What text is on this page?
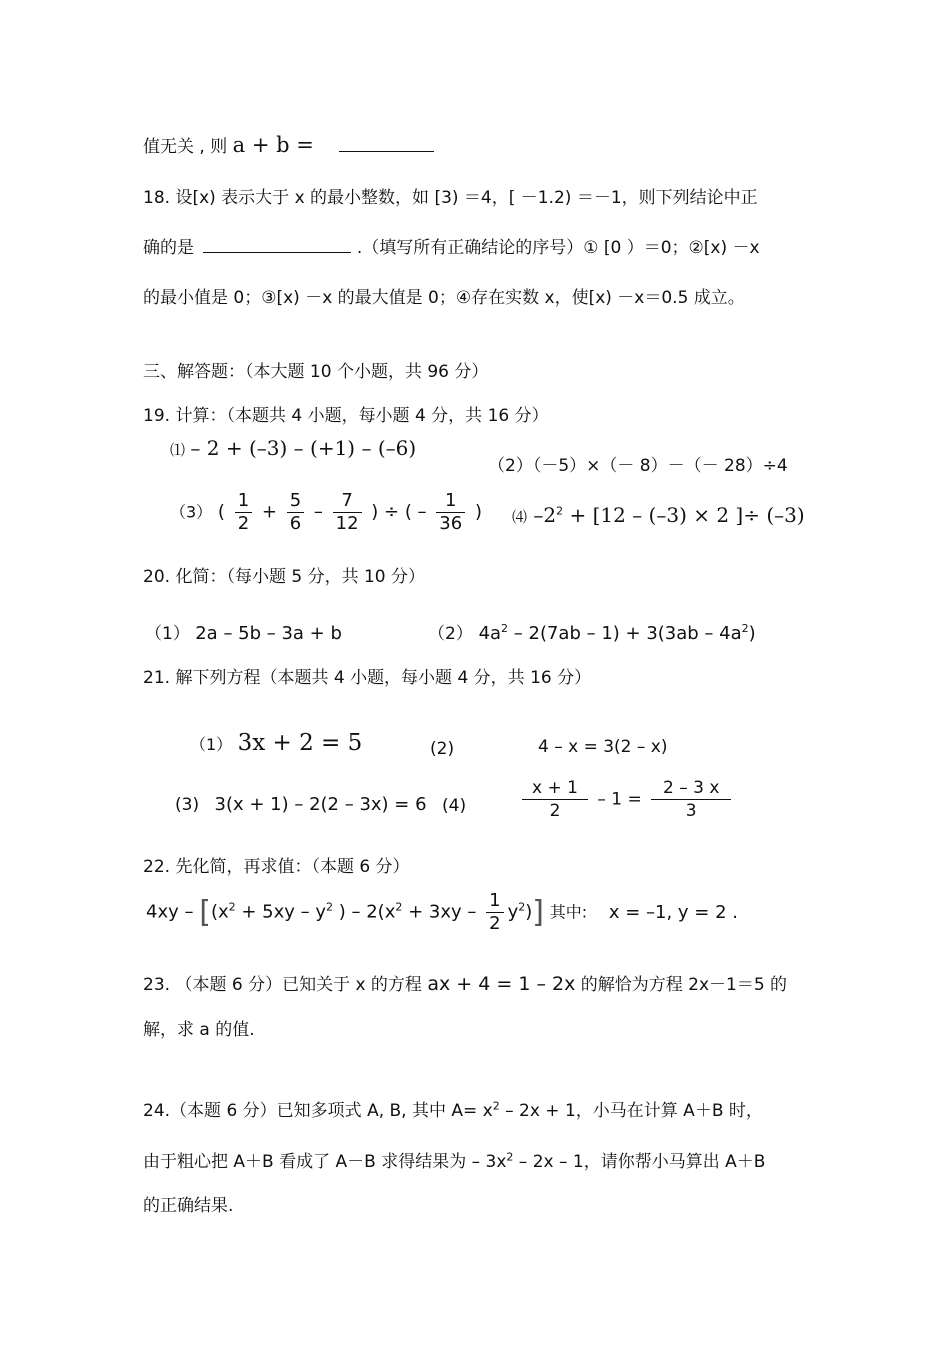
值无关 , 则 a + b =
18. 设[x) 表示大于 x 的最小整数，如 [3) ＝4，[ －1.2) ＝－1，则下列结论中正
确的是	.（填写所有正确结论的序号）① [0 ）＝0；②[x) －x
的最小值是 0；③[x) －x 的最大值是 0；④存在实数 x，使[x) －x＝0.5 成立。
三、解答题：（本大题 10 个小题，共 96 分）
19. 计算：（本题共 4 小题，每小题 4 分，共 16 分）
⑴ – 2 + (–3) – (+1) – (–6)
（2）（－5）×（－ 8）－（－ 28）÷4
（3） ( $\frac{1}{2} + \frac{5}{6} - \frac{7}{12}$ ) ÷ ( – $\frac{1}{36}$ ) ⑷ $-2^2 + [12 - (-3) \times 2$ ]÷ (–3)
20. 化简：（每小题 5 分，共 10 分）
（1） 2a – 5b – 3a + b	（2） $4a^2 - 2(7ab - 1) + 3(3ab - 4a^2)$
21. 解下列方程（本题共 4 小题，每小题 4 分，共 16 分）
（1） 3x + 2 = 5	(2)	4 – x = 3(2 – x)
(3) 3(x + 1) – 2(2 – 3x) = 6 (4)	$\frac{x + 1}{2} - 1 = \frac{2 - 3 x}{3}$
22. 先化简，再求值：（本题 6 分）
$4xy - [(x^2 + 5xy - y^2$ ) – $2(x^2 + 3xy - \frac{1}{2} y^2)$] 其中: x = –1, y = 2 .
23. （本题 6 分）已知关于 x 的方程 ax + 4 = 1 – 2x 的解恰为方程 2x－1＝5 的
解，求 a 的值.
24.（本题 6 分）已知多项式 A, B, 其中 $A= x^2 - 2x + 1$，小马在计算 A＋B 时，
由于粗心把 A＋B 看成了 A－B 求得结果为 – $3x^2 - 2x - 1$，请你帮小马算出 A＋B
的正确结果.
